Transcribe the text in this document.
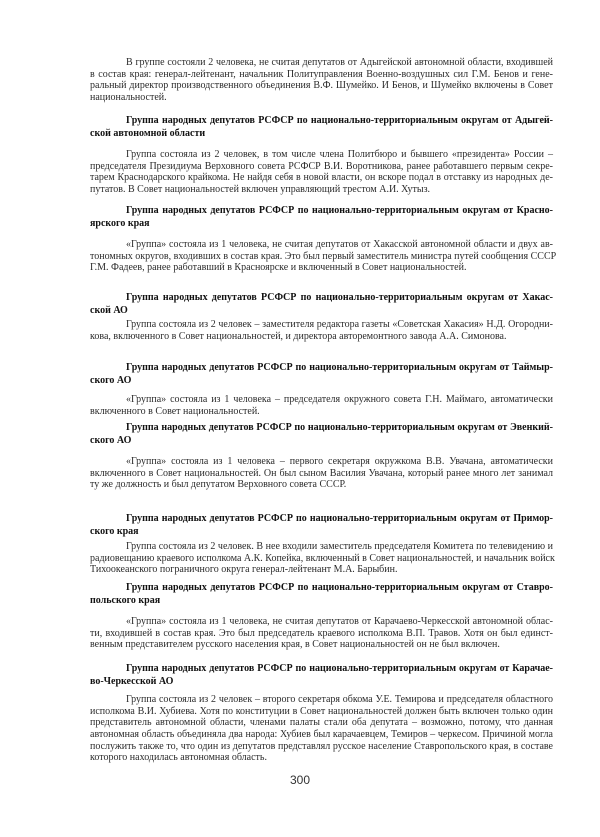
В группе состояли 2 человека, не считая депутатов от Адыгейской автономной области, входившей
в состав края: генерал-лейтенант, начальник Политуправления Военно-воздушных сил Г.М. Бенов и гене-
ральный директор производственного объединения В.Ф. Шумейко. И Бенов, и Шумейко включены в Совет
национальностей.
Группа народных депутатов РСФСР по национально-территориальным округам от Адыгей-
ской автономной области
Группа состояла из 2 человек, в том числе члена Политбюро и бывшего «президента» России –
председателя Президиума Верховного совета РСФСР В.И. Воротникова, ранее работавшего первым секре-
тарем Краснодарского крайкома. Не найдя себя в новой власти, он вскоре подал в отставку из народных де-
путатов. В Совет национальностей включен управляющий трестом А.И. Хутыз.
Группа народных депутатов РСФСР по национально-территориальным округам от Красно-
ярского края
«Группа» состояла из 1 человека, не считая депутатов от Хакасской автономной области и двух ав-
тономных округов, входивших в состав края. Это был первый заместитель министра путей сообщения СССР
Г.М. Фадеев, ранее работавший в Красноярске и включенный в Совет национальностей.
Группа народных депутатов РСФСР по национально-территориальным округам от Хакас-
ской АО
Группа состояла из 2 человек – заместителя редактора газеты «Советская Хакасия» Н.Д. Огородни-
кова, включенного в Совет национальностей, и директора авторемонтного завода А.А. Симонова.
Группа народных депутатов РСФСР по национально-территориальным округам от Таймыр-
ского АО
«Группа» состояла из 1 человека – председателя окружного совета Г.Н. Маймаго, автоматически
включенного в Совет национальностей.
Группа народных депутатов РСФСР по национально-территориальным округам от Эвенкий-
ского АО
«Группа» состояла из 1 человека – первого секретаря окружкома В.В. Увачана, автоматически
включенного в Совет национальностей. Он был сыном Василия Увачана, который ранее много лет занимал
ту же должность и был депутатом Верховного совета СССР.
Группа народных депутатов РСФСР по национально-территориальным округам от Примор-
ского края
Группа состояла из 2 человек. В нее входили заместитель председателя Комитета по телевидению и
радиовещанию краевого исполкома А.К. Копейка, включенный в Совет национальностей, и начальник войск
Тихоокеанского пограничного округа генерал-лейтенант М.А. Барыбин.
Группа народных депутатов РСФСР по национально-территориальным округам от Ставро-
польского края
«Группа» состояла из 1 человека, не считая депутатов от Карачаево-Черкесской автономной облас-
ти, входившей в состав края. Это был председатель краевого исполкома В.П. Травов. Хотя он был единст-
венным представителем русского населения края, в Совет национальностей он не был включен.
Группа народных депутатов РСФСР по национально-территориальным округам от Карачае-
во-Черкесской АО
Группа состояла из 2 человек – второго секретаря обкома У.Е. Темирова и председателя областного
исполкома В.И. Хубиева. Хотя по конституции в Совет национальностей должен быть включен только один
представитель автономной области, членами палаты стали оба депутата – возможно, потому, что данная
автономная область объединяла два народа: Хубиев был карачаевцем, Темиров – черкесом. Причиной могла
послужить также то, что один из депутатов представлял русское население Ставропольского края, в составе
которого находилась автономная область.
300
